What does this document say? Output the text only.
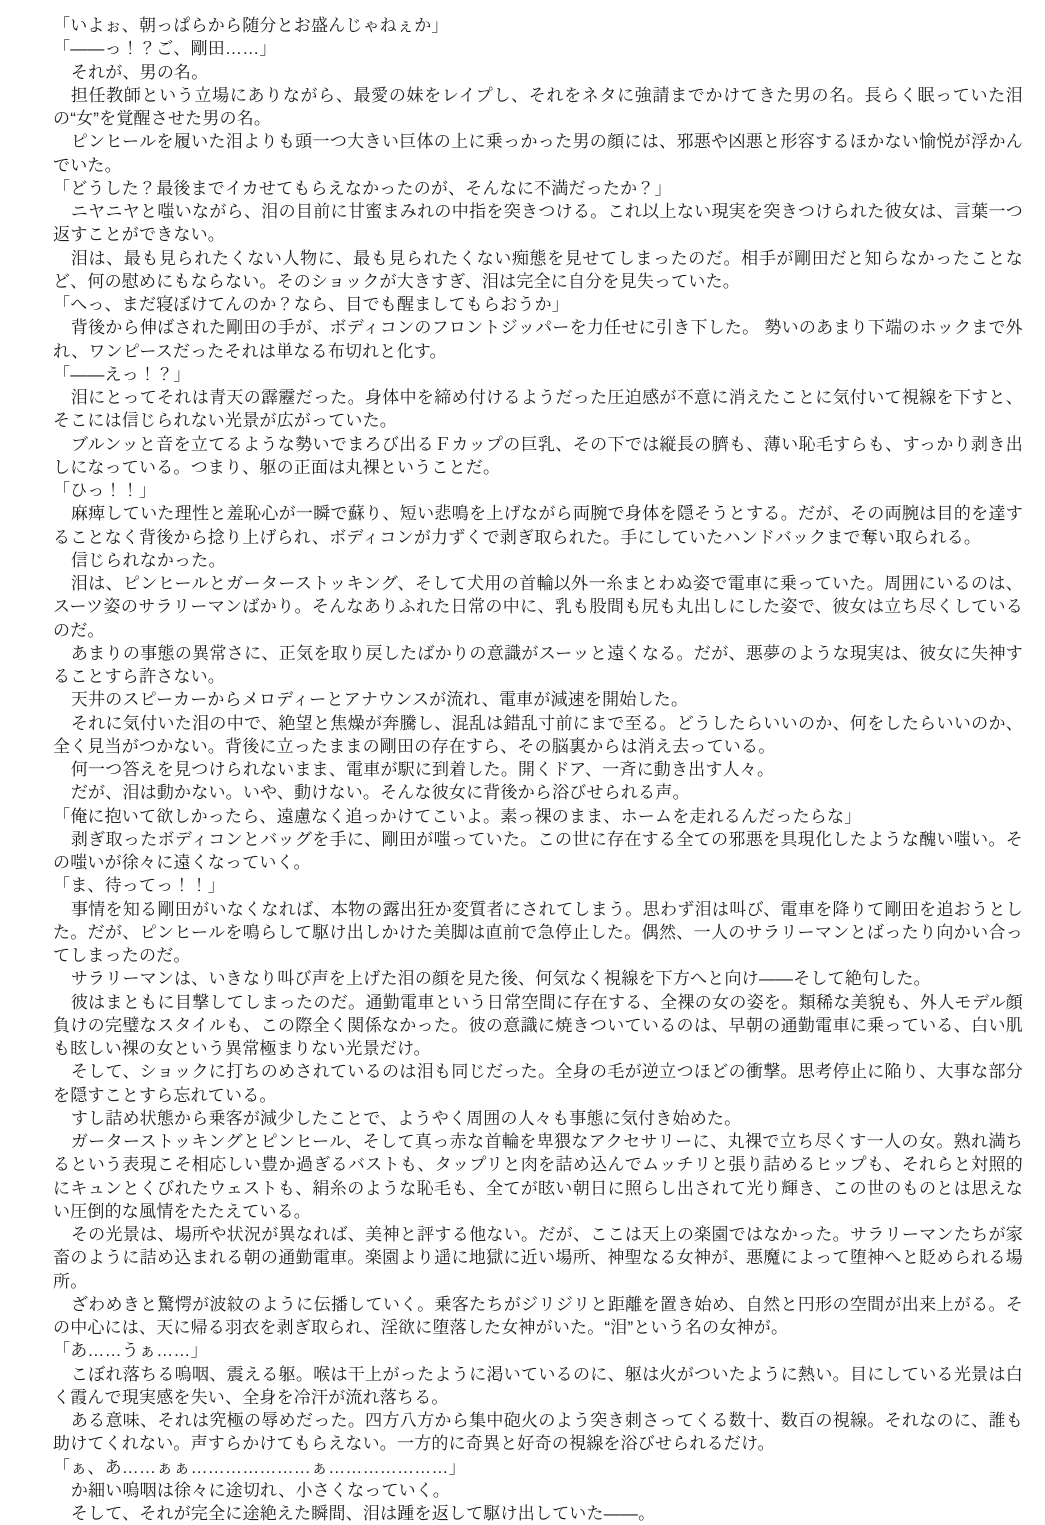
「いよぉ、朝っぱらから随分とお盛んじゃねぇか」

「――っ！？ご、剛田……」

それが、男の名。

担任教師という立場にありながら、最愛の妹をレイプし、それをネタに強請までかけてきた男の名。長らく眠っていた泪の“女”を覚醒させた男の名。

ピンヒールを履いた泪よりも頭一つ大きい巨体の上に乗っかった男の顔には、邪悪や凶悪と形容するほかない愉悦が浮かんでいた。

「どうした？最後までイカせてもらえなかったのが、そんなに不満だったか？」

ニヤニヤと嗤いながら、泪の目前に甘蜜まみれの中指を突きつける。これ以上ない現実を突きつけられた彼女は、言葉一つ返すことができない。

泪は、最も見られたくない人物に、最も見られたくない痴態を見せてしまったのだ。相手が剛田だと知らなかったことなど、何の慰めにもならない。そのショックが大きすぎ、泪は完全に自分を見失っていた。

「へっ、まだ寝ぼけてんのか？なら、目でも醒ましてもらおうか」

背後から伸ばされた剛田の手が、ボディコンのフロントジッパーを力任せに引き下した。 勢いのあまり下端のホックまで外れ、ワンピースだったそれは単なる布切れと化す。

「――えっ！？」

泪にとってそれは青天の霹靂だった。身体中を締め付けるようだった圧迫感が不意に消えたことに気付いて視線を下すと、そこには信じられない光景が広がっていた。

ブルンッと音を立てるような勢いでまろび出るＦカップの巨乳、その下では縦長の臍も、薄い恥毛すらも、すっかり剥き出しになっている。つまり、躯の正面は丸裸ということだ。

「ひっ！！」

麻痺していた理性と羞恥心が一瞬で蘇り、短い悲鳴を上げながら両腕で身体を隠そうとする。だが、その両腕は目的を達することなく背後から捻り上げられ、ボディコンが力ずくで剥ぎ取られた。手にしていたハンドバックまで奪い取られる。

信じられなかった。

泪は、ピンヒールとガーターストッキング、そして犬用の首輪以外一糸まとわぬ姿で電車に乗っていた。周囲にいるのは、スーツ姿のサラリーマンばかり。そんなありふれた日常の中に、乳も股間も尻も丸出しにした姿で、彼女は立ち尽くしているのだ。

あまりの事態の異常さに、正気を取り戻したばかりの意識がスーッと遠くなる。だが、悪夢のような現実は、彼女に失神することすら許さない。

天井のスピーカーからメロディーとアナウンスが流れ、電車が減速を開始した。

それに気付いた泪の中で、絶望と焦燥が奔騰し、混乱は錯乱寸前にまで至る。どうしたらいいのか、何をしたらいいのか、全く見当がつかない。背後に立ったままの剛田の存在すら、その脳裏からは消え去っている。

何一つ答えを見つけられないまま、電車が駅に到着した。開くドア、一斉に動き出す人々。

だが、泪は動かない。いや、動けない。そんな彼女に背後から浴びせられる声。

「俺に抱いて欲しかったら、遠慮なく追っかけてこいよ。素っ裸のまま、ホームを走れるんだったらな」

剥ぎ取ったボディコンとバッグを手に、剛田が嗤っていた。この世に存在する全ての邪悪を具現化したような醜い嗤い。その嗤いが徐々に遠くなっていく。

「ま、待ってっ！！」

事情を知る剛田がいなくなれば、本物の露出狂か変質者にされてしまう。思わず泪は叫び、電車を降りて剛田を追おうとした。だが、ピンヒールを鳴らして駆け出しかけた美脚は直前で急停止した。偶然、一人のサラリーマンとばったり向かい合ってしまったのだ。

サラリーマンは、いきなり叫び声を上げた泪の顔を見た後、何気なく視線を下方へと向け――そして絶句した。

彼はまともに目撃してしまったのだ。通勤電車という日常空間に存在する、全裸の女の姿を。類稀な美貌も、外人モデル顔負けの完璧なスタイルも、この際全く関係なかった。彼の意識に焼きついているのは、早朝の通勤電車に乗っている、白い肌も眩しい裸の女という異常極まりない光景だけ。

そして、ショックに打ちのめされているのは泪も同じだった。全身の毛が逆立つほどの衝撃。思考停止に陥り、大事な部分を隠すことすら忘れている。

すし詰め状態から乗客が減少したことで、ようやく周囲の人々も事態に気付き始めた。

ガーターストッキングとピンヒール、そして真っ赤な首輪を卑猥なアクセサリーに、丸裸で立ち尽くす一人の女。熟れ満ちるという表現こそ相応しい豊か過ぎるバストも、タップリと肉を詰め込んでムッチリと張り詰めるヒップも、それらと対照的にキュンとくびれたウェストも、絹糸のような恥毛も、全てが眩い朝日に照らし出されて光り輝き、この世のものとは思えない圧倒的な風情をたたえている。

その光景は、場所や状況が異なれば、美神と評する他ない。だが、ここは天上の楽園ではなかった。サラリーマンたちが家畜のように詰め込まれる朝の通勤電車。楽園より遥に地獄に近い場所、神聖なる女神が、悪魔によって堕神へと貶められる場所。

ざわめきと驚愕が波紋のように伝播していく。乗客たちがジリジリと距離を置き始め、自然と円形の空間が出来上がる。その中心には、天に帰る羽衣を剥ぎ取られ、淫欲に堕落した女神がいた。“泪”という名の女神が。

「あ……うぁ……」

こぼれ落ちる嗚咽、震える躯。喉は干上がったように渇いているのに、躯は火がついたように熱い。目にしている光景は白く霞んで現実感を失い、全身を冷汗が流れ落ちる。

ある意味、それは究極の辱めだった。四方八方から集中砲火のよう突き刺さってくる数十、数百の視線。それなのに、誰も助けてくれない。声すらかけてもらえない。一方的に奇異と好奇の視線を浴びせられるだけ。

「ぁ、あ……ぁぁ…………………ぁ…………………」

か細い嗚咽は徐々に途切れ、小さくなっていく。

そして、それが完全に途絶えた瞬間、泪は踵を返して駆け出していた――。
